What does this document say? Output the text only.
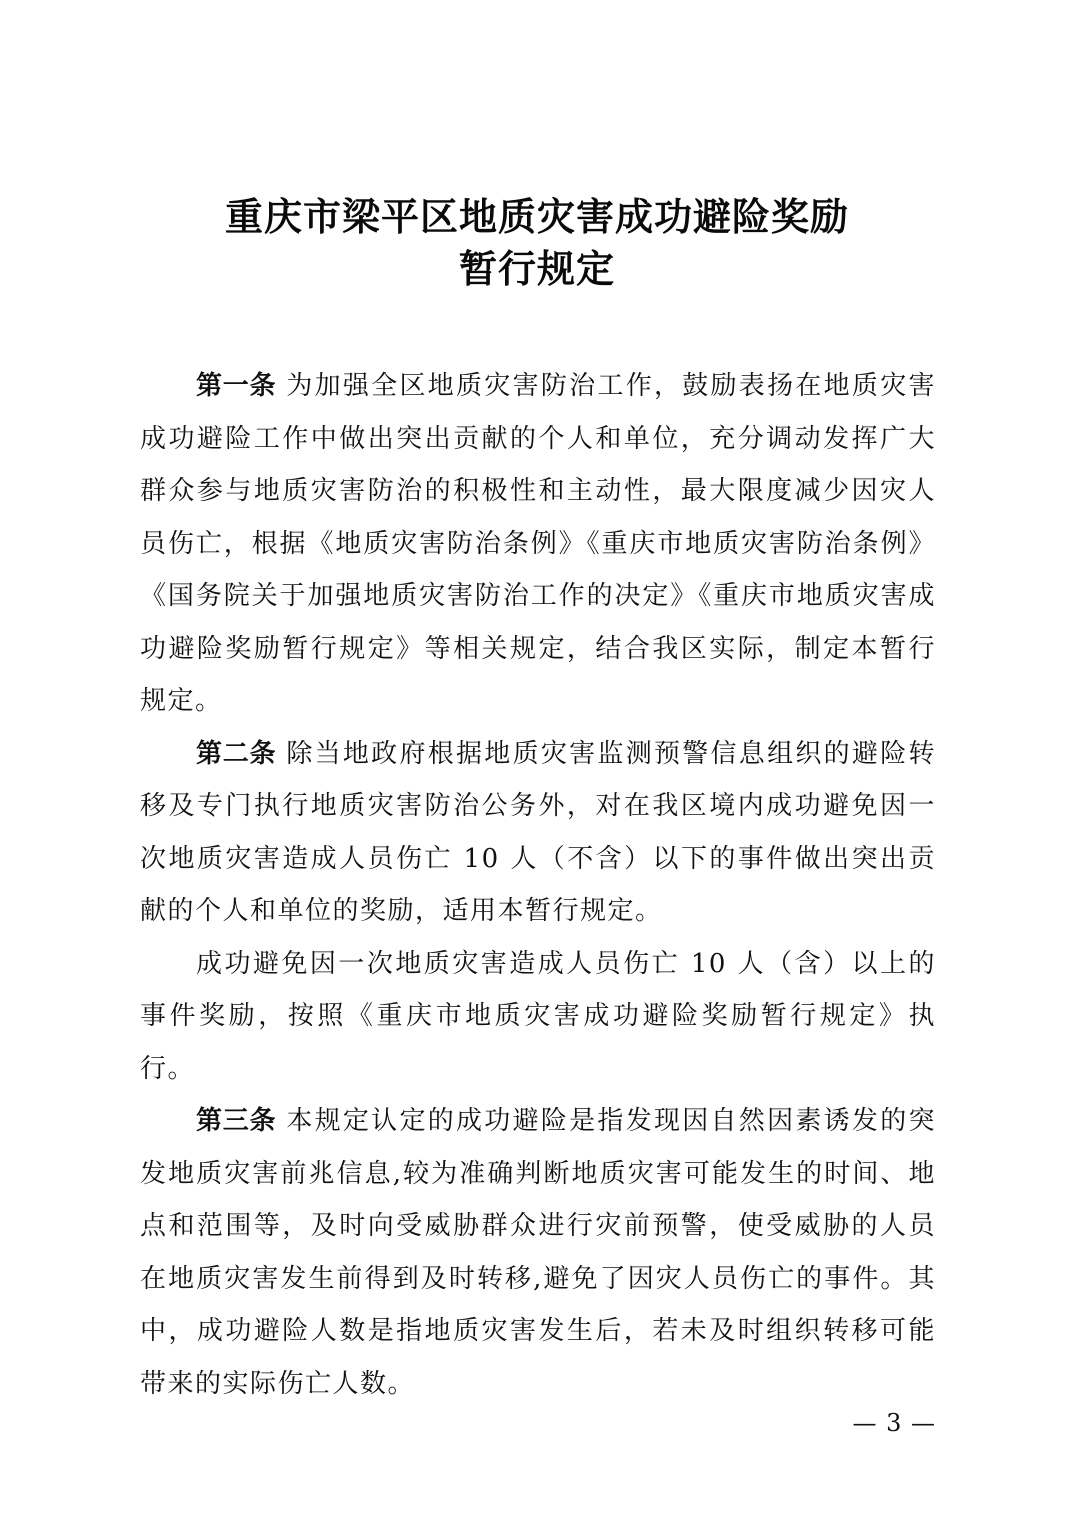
重庆市梁平区地质灾害成功避险奖励
暂行规定

第一条 为加强全区地质灾害防治工作，鼓励表扬在地质灾害成功避险工作中做出突出贡献的个人和单位，充分调动发挥广大群众参与地质灾害防治的积极性和主动性，最大限度减少因灾人员伤亡，根据《地质灾害防治条例》《重庆市地质灾害防治条例》《国务院关于加强地质灾害防治工作的决定》《重庆市地质灾害成功避险奖励暂行规定》等相关规定，结合我区实际，制定本暂行规定。

第二条 除当地政府根据地质灾害监测预警信息组织的避险转移及专门执行地质灾害防治公务外，对在我区境内成功避免因一次地质灾害造成人员伤亡 10 人（不含）以下的事件做出突出贡献的个人和单位的奖励，适用本暂行规定。

成功避免因一次地质灾害造成人员伤亡 10 人（含）以上的事件奖励，按照《重庆市地质灾害成功避险奖励暂行规定》执行。

第三条 本规定认定的成功避险是指发现因自然因素诱发的突发地质灾害前兆信息,较为准确判断地质灾害可能发生的时间、地点和范围等，及时向受威胁群众进行灾前预警，使受威胁的人员在地质灾害发生前得到及时转移,避免了因灾人员伤亡的事件。其中，成功避险人数是指地质灾害发生后，若未及时组织转移可能带来的实际伤亡人数。

— 3 —
